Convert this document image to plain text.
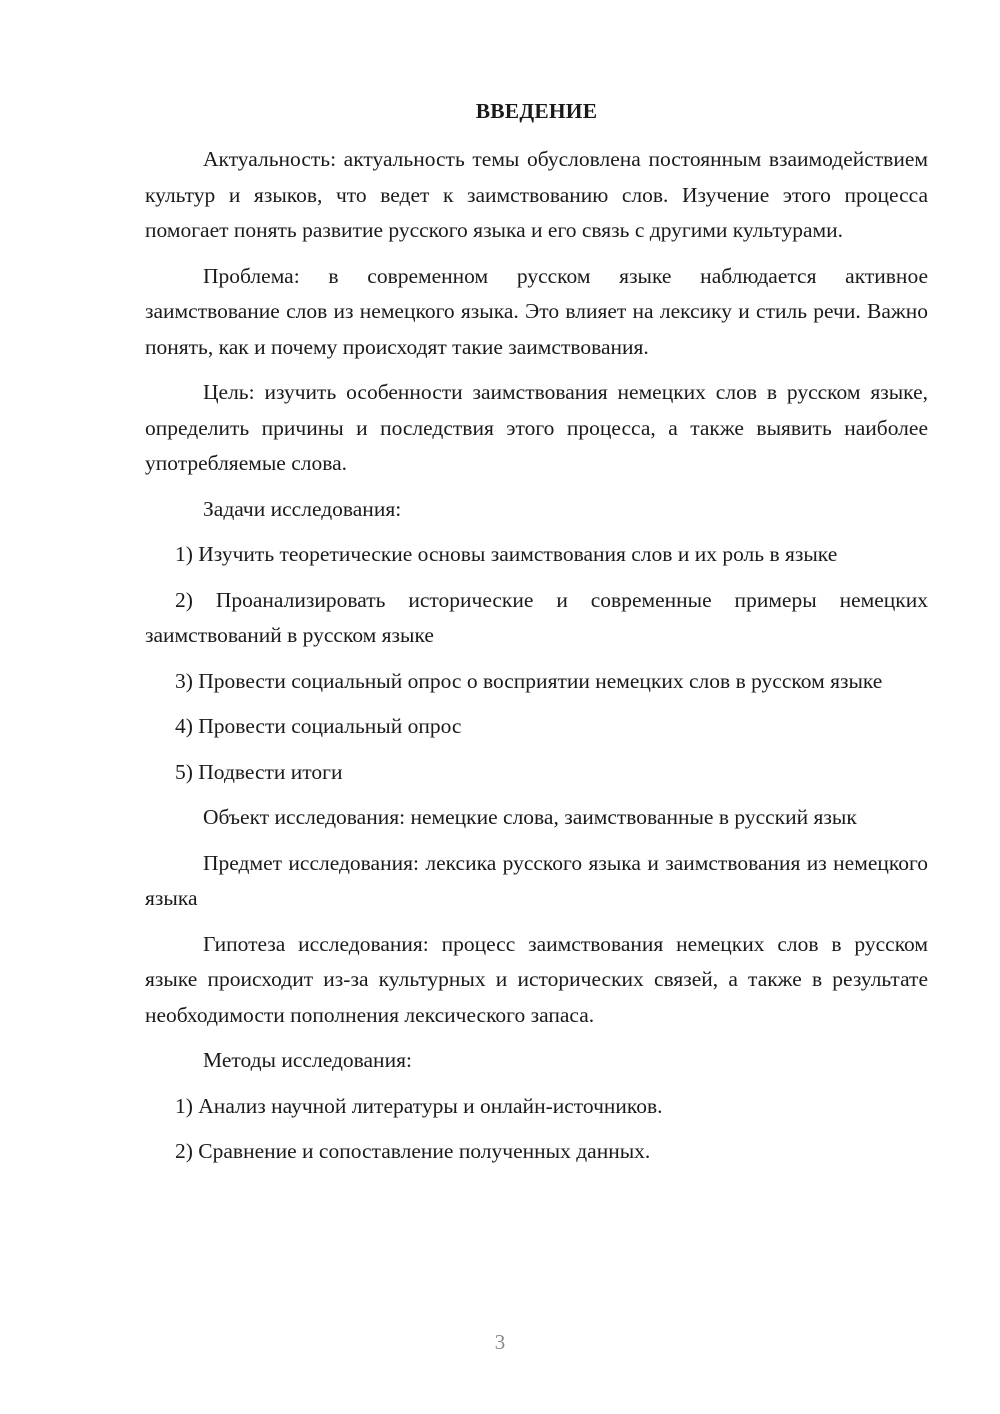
ВВЕДЕНИЕ

Актуальность: актуальность темы обусловлена постоянным взаимодействием культур и языков, что ведет к заимствованию слов. Изучение этого процесса помогает понять развитие русского языка и его связь с другими культурами.

Проблема: в современном русском языке наблюдается активное заимствование слов из немецкого языка. Это влияет на лексику и стиль речи. Важно понять, как и почему происходят такие заимствования.

Цель: изучить особенности заимствования немецких слов в русском языке, определить причины и последствия этого процесса, а также выявить наиболее употребляемые слова.

Задачи исследования:

1) Изучить теоретические основы заимствования слов и их роль в языке

2) Проанализировать исторические и современные примеры немецких заимствований в русском языке

3) Провести социальный опрос о восприятии немецких слов в русском языке

4) Провести социальный опрос

5) Подвести итоги

Объект исследования: немецкие слова, заимствованные в русский язык

Предмет исследования: лексика русского языка и заимствования из немецкого языка

Гипотеза исследования: процесс заимствования немецких слов в русском языке происходит из-за культурных и исторических связей, а также в результате необходимости пополнения лексического запаса.

Методы исследования:

1) Анализ научной литературы и онлайн-источников.

2) Сравнение и сопоставление полученных данных.

3
